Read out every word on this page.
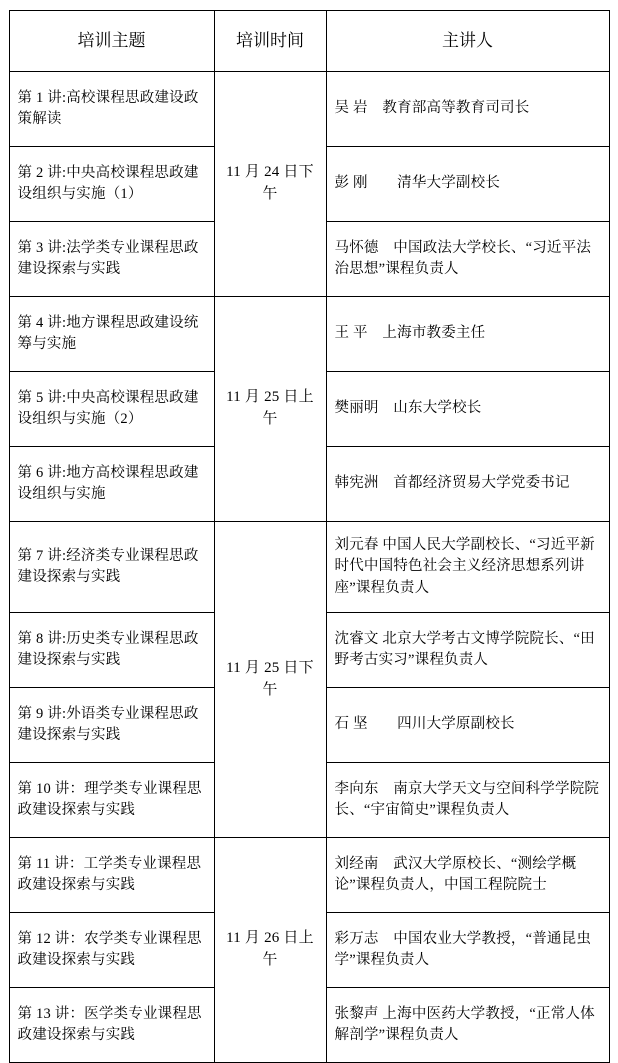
培训主题	培训时间	主讲人
第 1 讲:高校课程思政建设政策解读	11 月 24 日下午	吴 岩　教育部高等教育司司长
第 2 讲:中央高校课程思政建设组织与实施（1）		彭 刚　　清华大学副校长
第 3 讲:法学类专业课程思政建设探索与实践		马怀德　中国政法大学校长、“习近平法治思想”课程负责人
第 4 讲:地方课程思政建设统筹与实施	11 月 25 日上午	王 平　上海市教委主任
第 5 讲:中央高校课程思政建设组织与实施（2）		樊丽明　山东大学校长
第 6 讲:地方高校课程思政建设组织与实施		韩宪洲　首都经济贸易大学党委书记
第 7 讲:经济类专业课程思政建设探索与实践	11 月 25 日下午	刘元春 中国人民大学副校长、“习近平新时代中国特色社会主义经济思想系列讲座”课程负责人
第 8 讲:历史类专业课程思政建设探索与实践		沈睿文 北京大学考古文博学院院长、“田野考古实习”课程负责人
第 9 讲:外语类专业课程思政建设探索与实践		石 坚　　四川大学原副校长
第 10 讲：理学类专业课程思政建设探索与实践		李向东　南京大学天文与空间科学学院院长、“宇宙简史”课程负责人
第 11 讲：工学类专业课程思政建设探索与实践	11 月 26 日上午	刘经南　武汉大学原校长、“测绘学概论”课程负责人，中国工程院院士
第 12 讲：农学类专业课程思政建设探索与实践		彩万志　中国农业大学教授，“普通昆虫学”课程负责人
第 13 讲：医学类专业课程思政建设探索与实践		张黎声 上海中医药大学教授，“正常人体解剖学”课程负责人
